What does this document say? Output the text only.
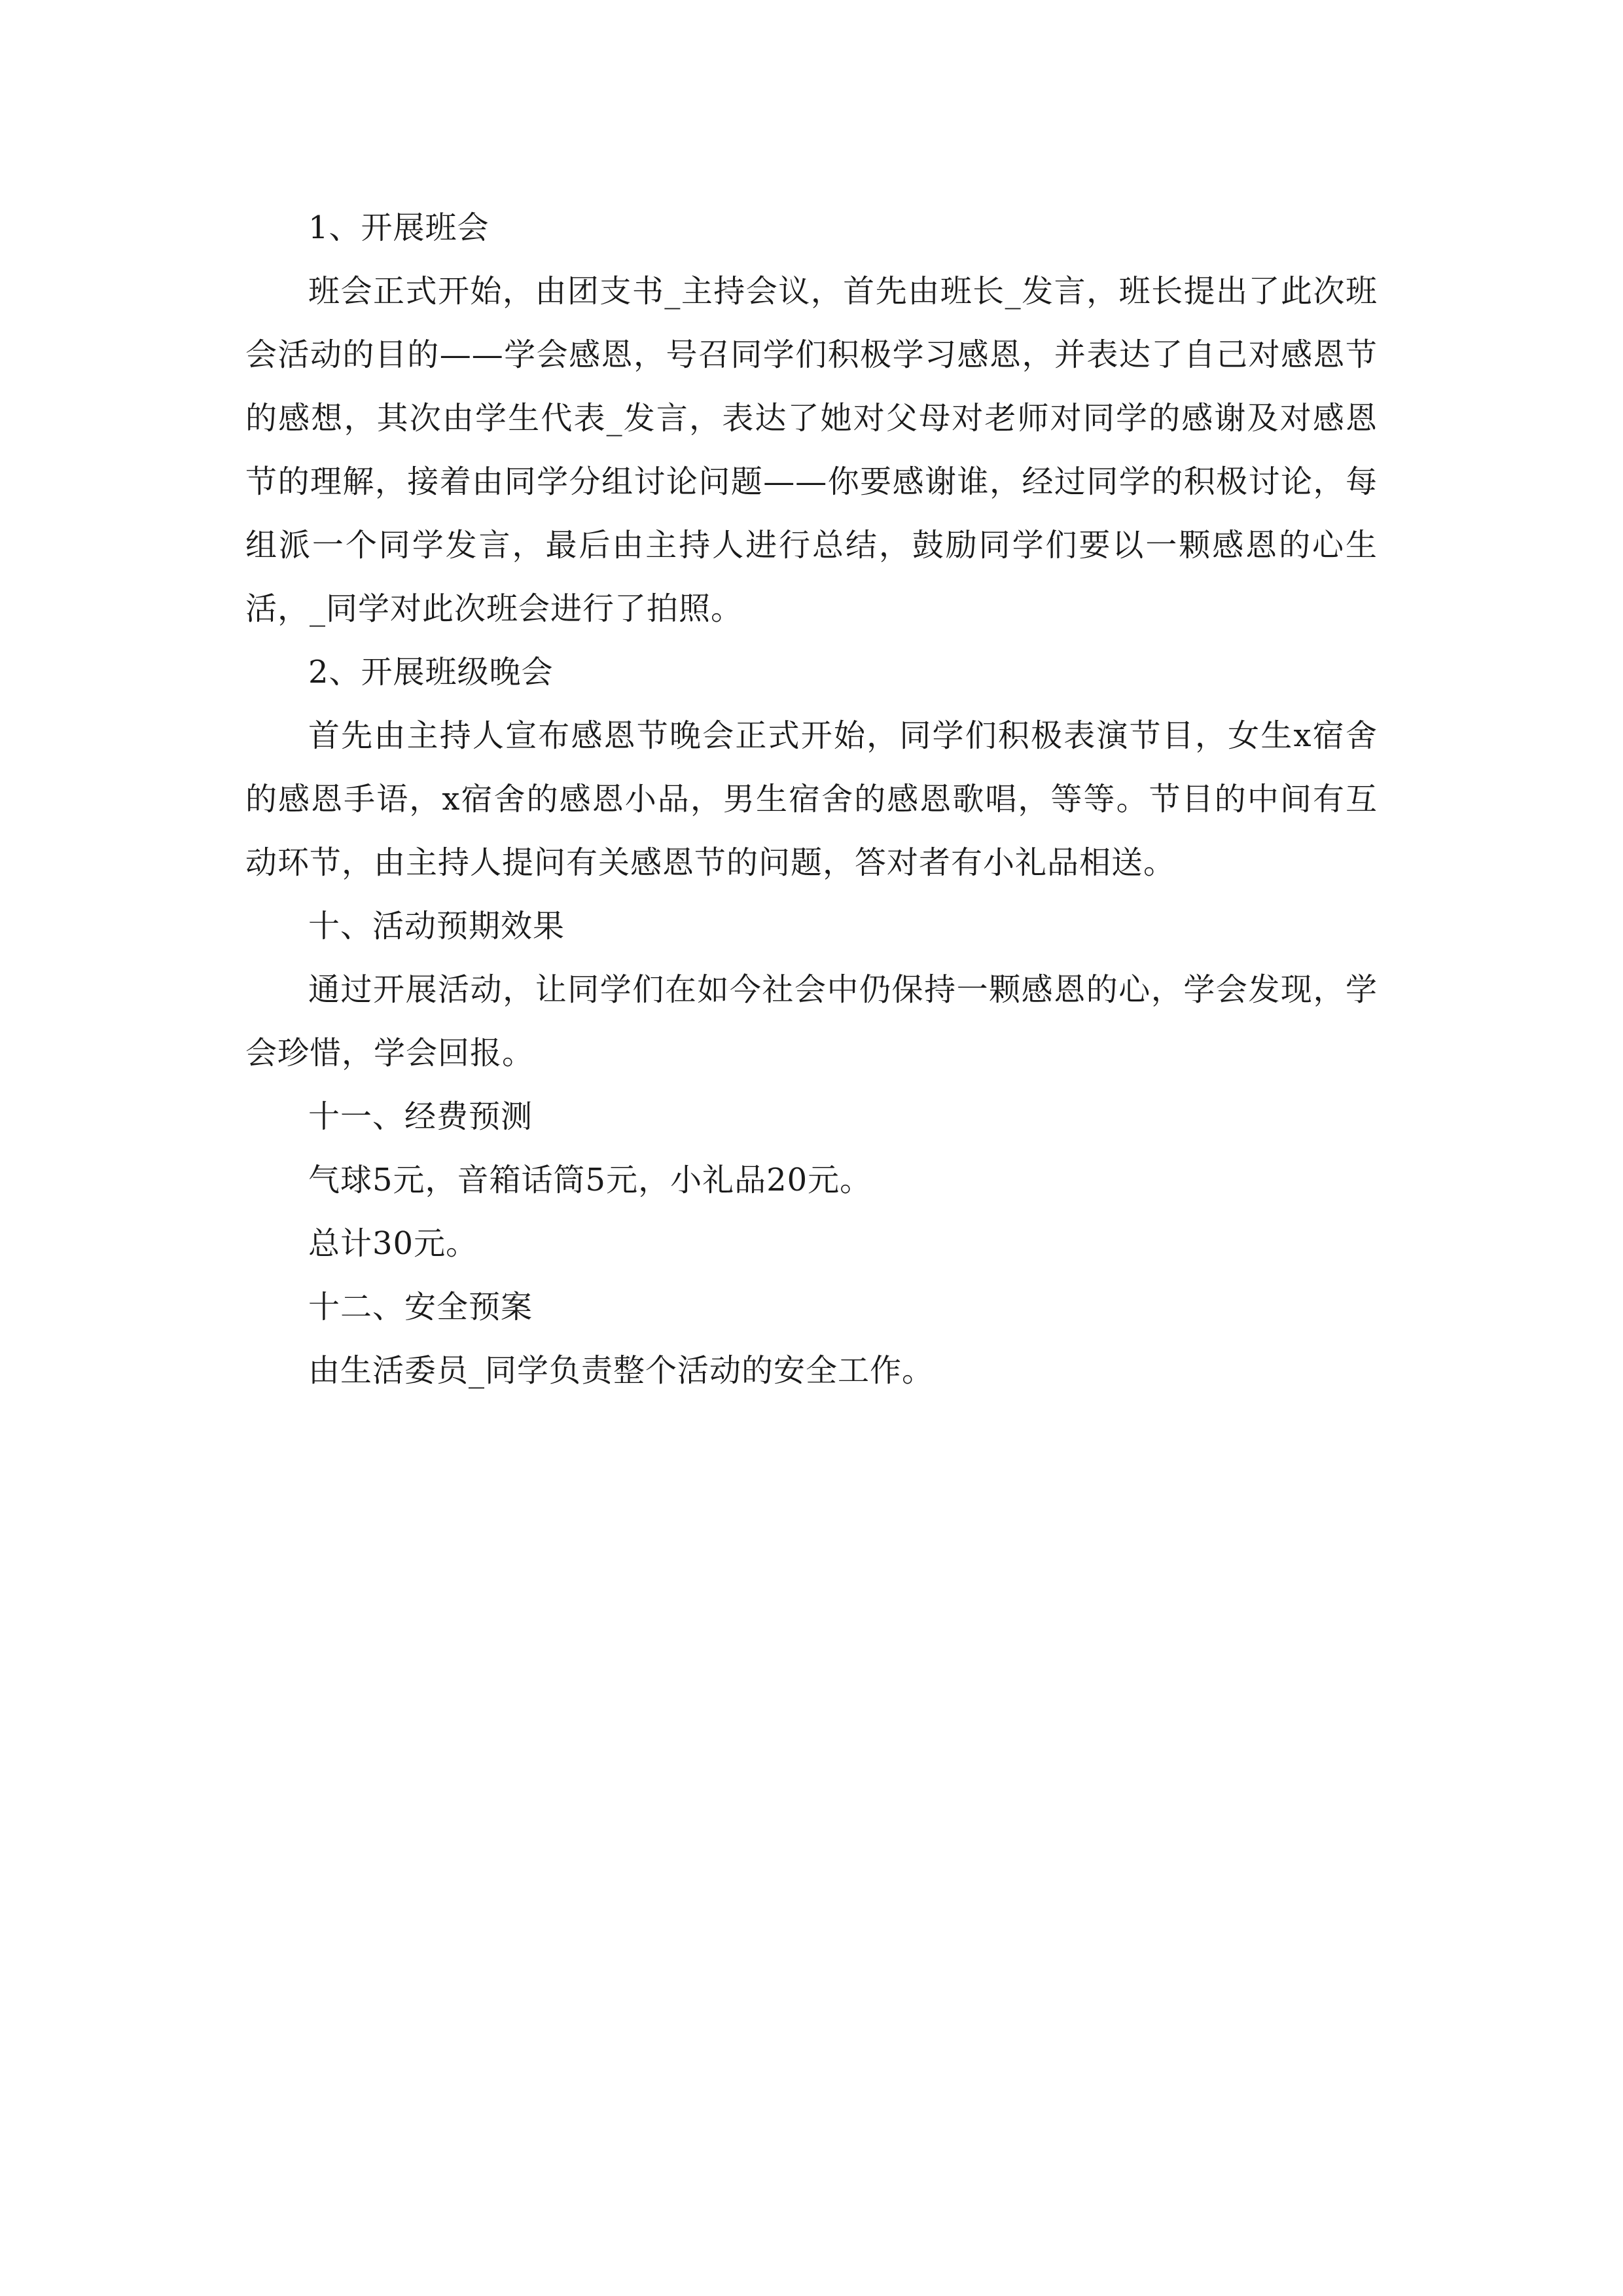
1、开展班会

班会正式开始，由团支书_主持会议，首先由班长_发言，班长提出了此次班会活动的目的——学会感恩，号召同学们积极学习感恩，并表达了自己对感恩节的感想，其次由学生代表_发言，表达了她对父母对老师对同学的感谢及对感恩节的理解，接着由同学分组讨论问题——你要感谢谁，经过同学的积极讨论，每组派一个同学发言，最后由主持人进行总结，鼓励同学们要以一颗感恩的心生活，_同学对此次班会进行了拍照。

2、开展班级晚会

首先由主持人宣布感恩节晚会正式开始，同学们积极表演节目，女生x宿舍的感恩手语，x宿舍的感恩小品，男生宿舍的感恩歌唱，等等。节目的中间有互动环节，由主持人提问有关感恩节的问题，答对者有小礼品相送。

十、活动预期效果

通过开展活动，让同学们在如今社会中仍保持一颗感恩的心，学会发现，学会珍惜，学会回报。

十一、经费预测

气球5元，音箱话筒5元，小礼品20元。

总计30元。

十二、安全预案

由生活委员_同学负责整个活动的安全工作。
